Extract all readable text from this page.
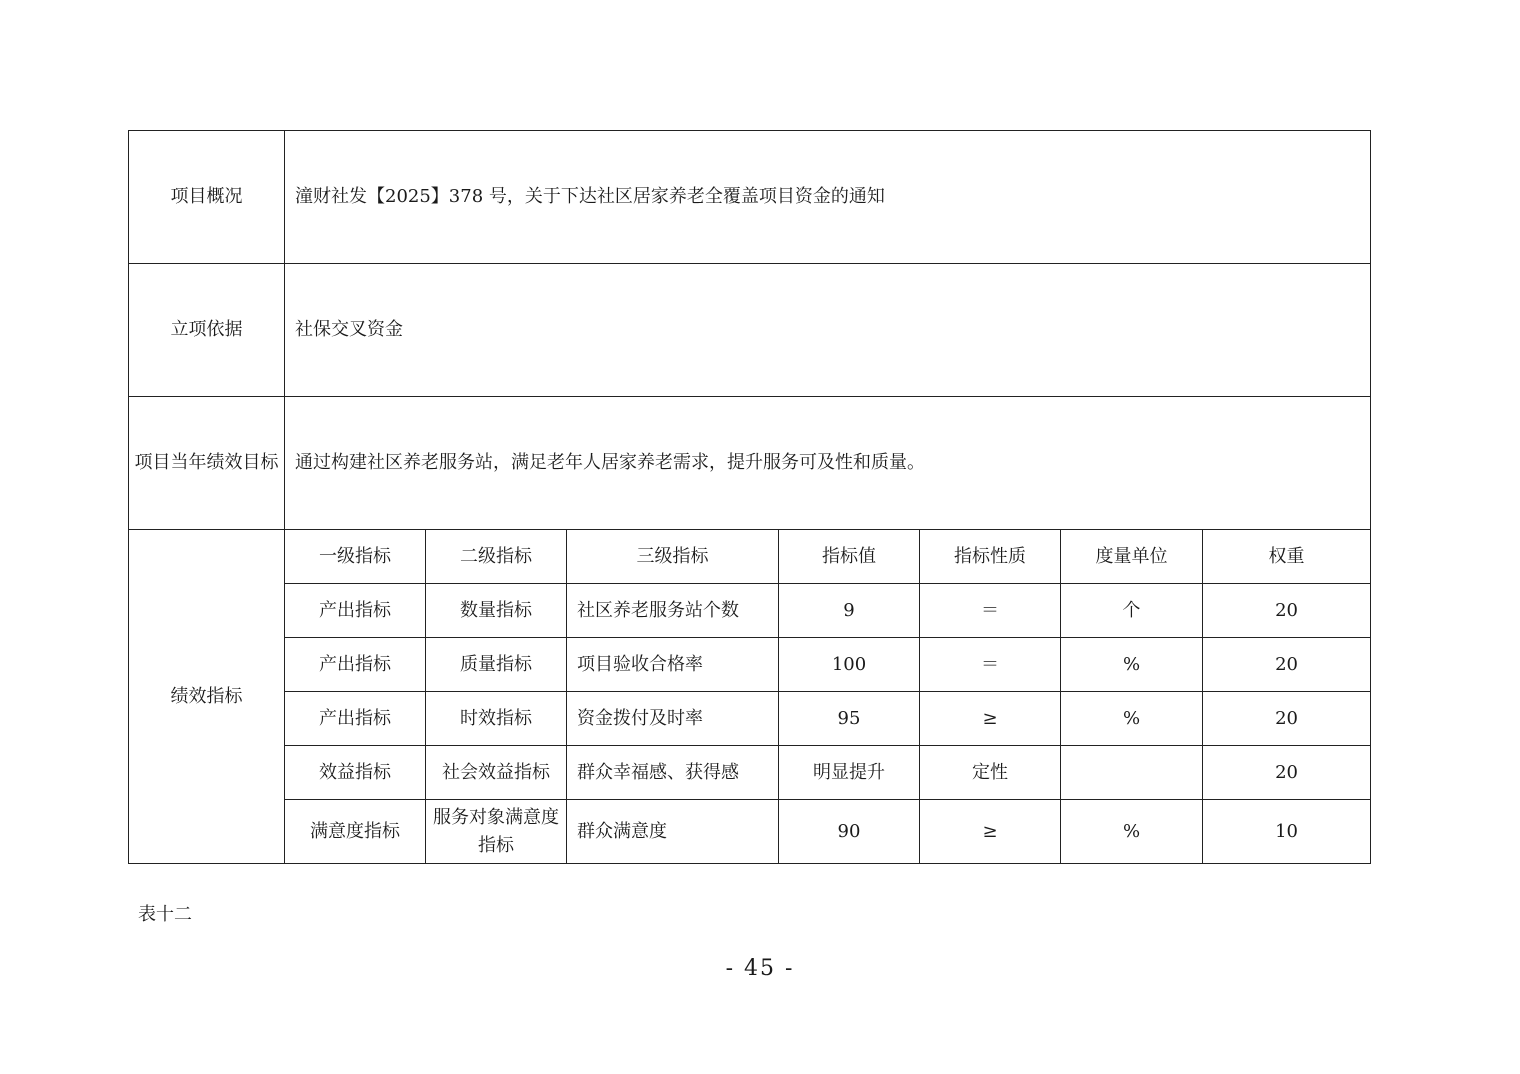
项目概况	潼财社发【2025】378 号，关于下达社区居家养老全覆盖项目资金的通知						
立项依据	社保交叉资金						
项目当年绩效目标	通过构建社区养老服务站，满足老年人居家养老需求，提升服务可及性和质量。						
绩效指标	一级指标	二级指标	三级指标	指标值	指标性质	度量单位	权重
	产出指标	数量指标	社区养老服务站个数	9	＝	个	20
	产出指标	质量指标	项目验收合格率	100	＝	%	20
	产出指标	时效指标	资金拨付及时率	95	≥	%	20
	效益指标	社会效益指标	群众幸福感、获得感	明显提升	定性		20
	满意度指标	服务对象满意度指标	群众满意度	90	≥	%	10
表十二
- 45 -
